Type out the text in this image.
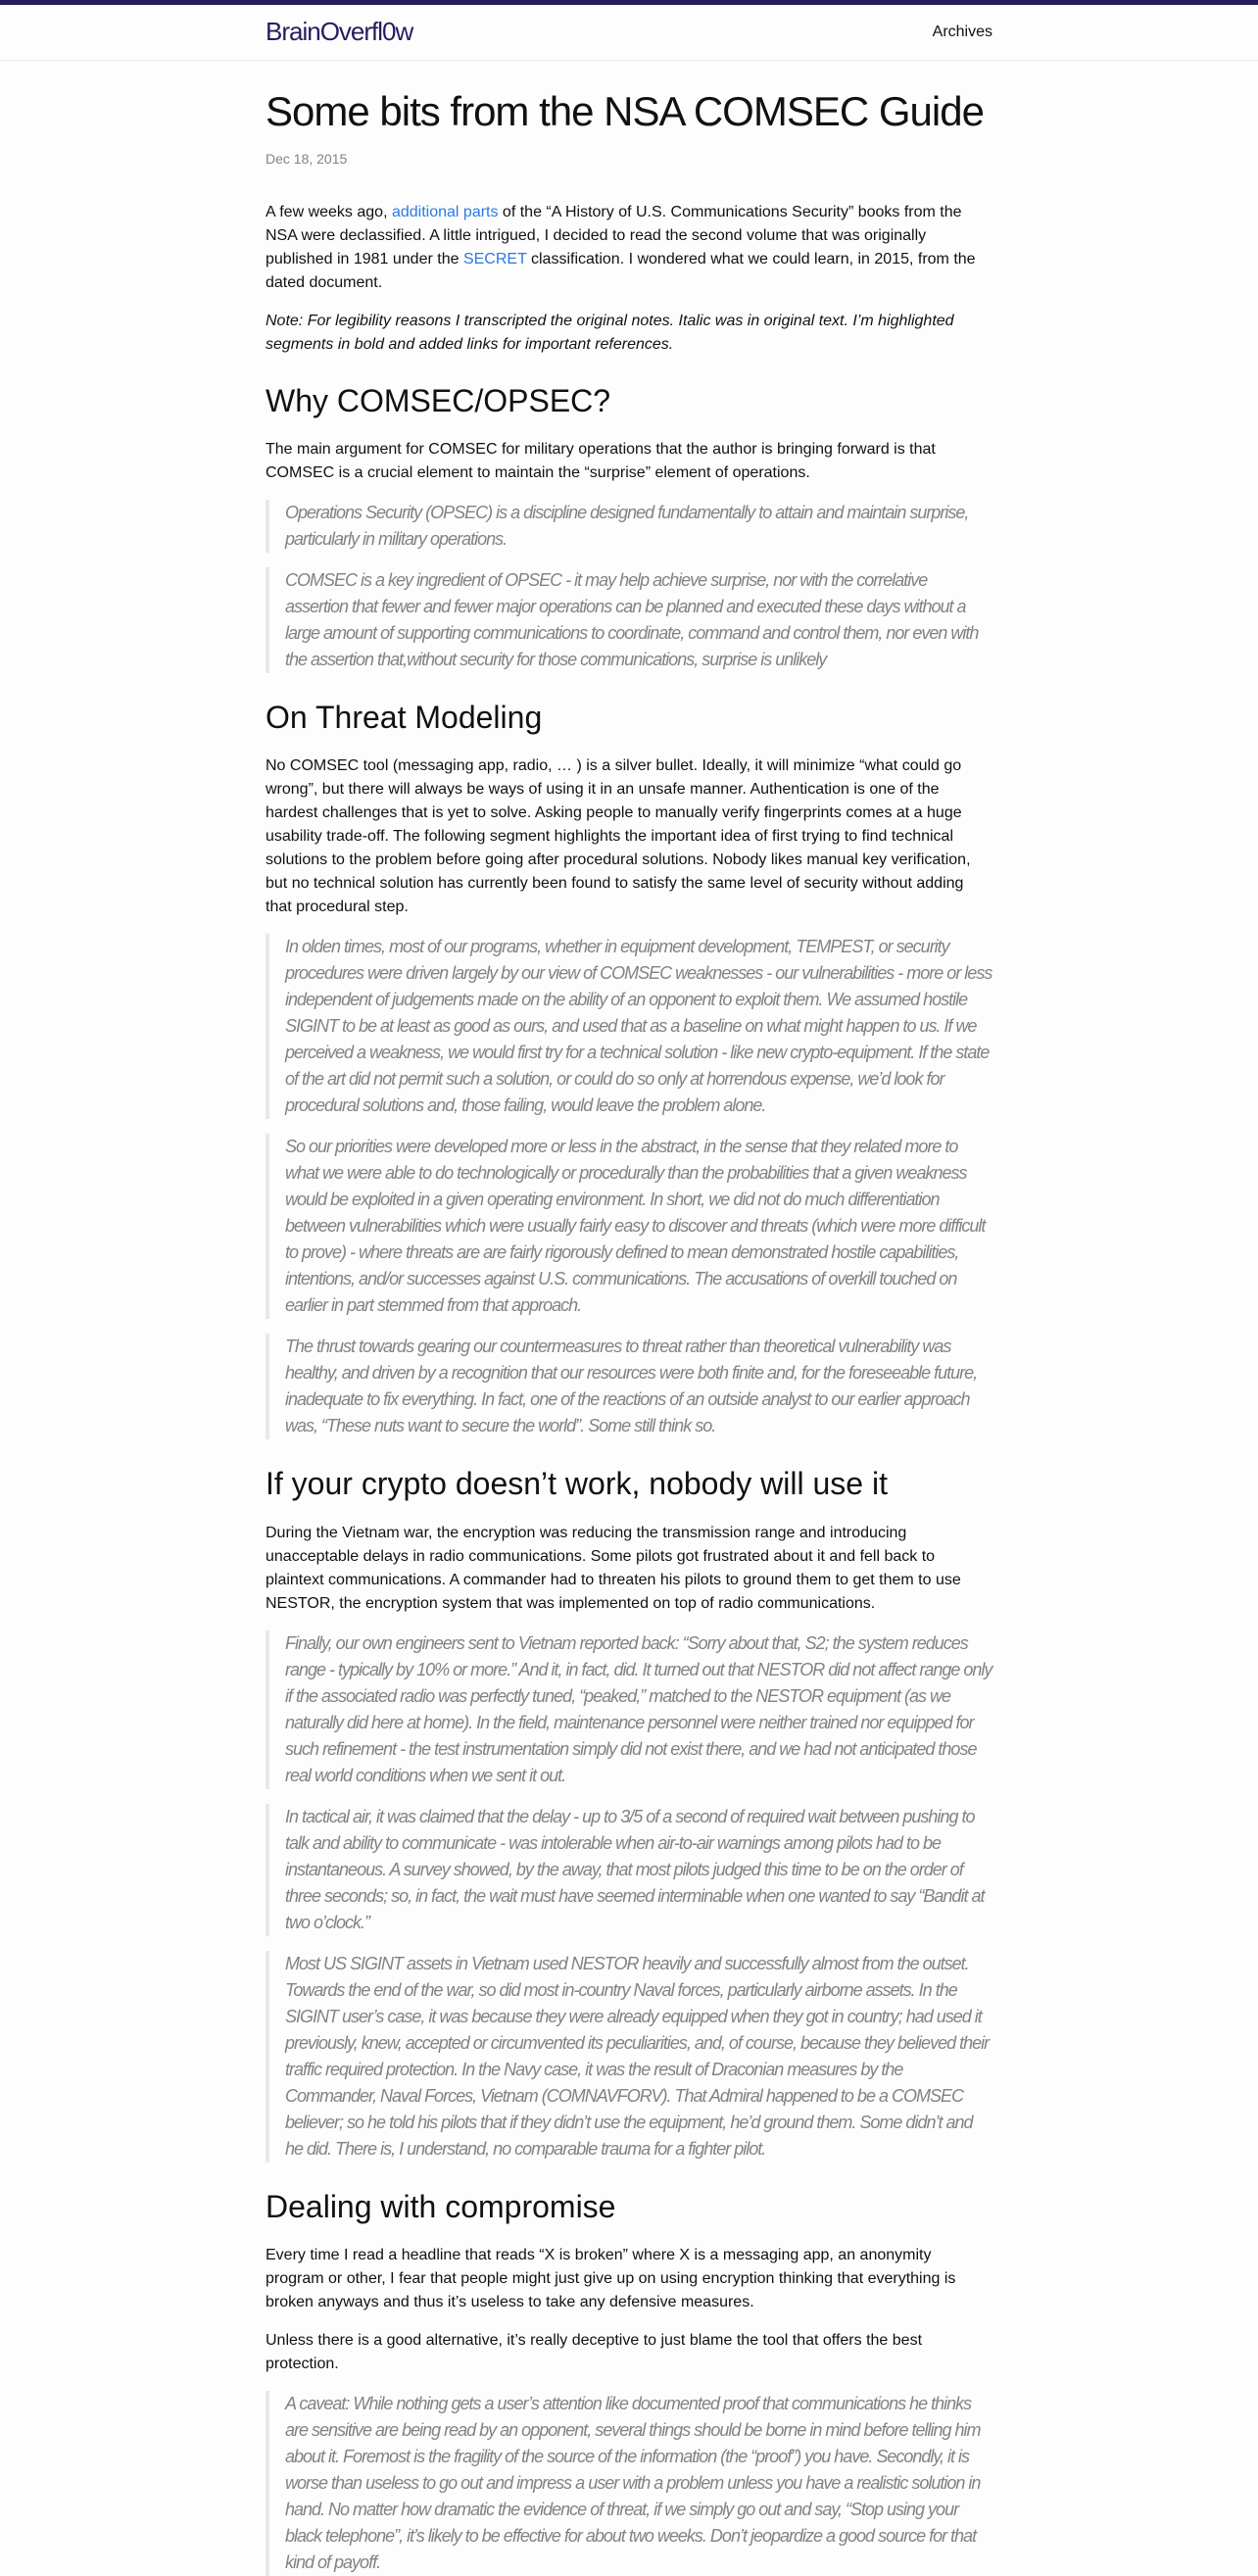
BrainOverfl0w	Archives
Some bits from the NSA COMSEC Guide

Dec 18, 2015

A few weeks ago, additional parts of the “A History of U.S. Communications Security” books from the NSA were declassified. A little intrigued, I decided to read the second volume that was originally published in 1981 under the SECRET classification. I wondered what we could learn, in 2015, from the dated document.

Note: For legibility reasons I transcripted the original notes. Italic was in original text. I’m highlighted segments in bold and added links for important references.

Why COMSEC/OPSEC?

The main argument for COMSEC for military operations that the author is bringing forward is that COMSEC is a crucial element to maintain the “surprise” element of operations.

Operations Security (OPSEC) is a discipline designed fundamentally to attain and maintain surprise, particularly in military operations.
COMSEC is a key ingredient of OPSEC - it may help achieve surprise, nor with the correlative assertion that fewer and fewer major operations can be planned and executed these days without a large amount of supporting communications to coordinate, command and control them, nor even with the assertion that,without security for those communications, surprise is unlikely
On Threat Modeling

No COMSEC tool (messaging app, radio, … ) is a silver bullet. Ideally, it will minimize “what could go wrong”, but there will always be ways of using it in an unsafe manner. Authentication is one of the hardest challenges that is yet to solve. Asking people to manually verify fingerprints comes at a huge usability trade-off. The following segment highlights the important idea of first trying to find technical solutions to the problem before going after procedural solutions. Nobody likes manual key verification, but no technical solution has currently been found to satisfy the same level of security without adding that procedural step.

In olden times, most of our programs, whether in equipment development, TEMPEST, or security procedures were driven largely by our view of COMSEC weaknesses - our vulnerabilities - more or less independent of judgements made on the ability of an opponent to exploit them. We assumed hostile SIGINT to be at least as good as ours, and used that as a baseline on what might happen to us. If we perceived a weakness, we would first try for a technical solution - like new crypto-equipment. If the state of the art did not permit such a solution, or could do so only at horrendous expense, we’d look for procedural solutions and, those failing, would leave the problem alone.
So our priorities were developed more or less in the abstract, in the sense that they related more to what we were able to do technologically or procedurally than the probabilities that a given weakness would be exploited in a given operating environment. In short, we did not do much differentiation between vulnerabilities which were usually fairly easy to discover and threats (which were more difficult to prove) - where threats are are fairly rigorously defined to mean demonstrated hostile capabilities, intentions, and/or successes against U.S. communications. The accusations of overkill touched on earlier in part stemmed from that approach.
The thrust towards gearing our countermeasures to threat rather than theoretical vulnerability was healthy, and driven by a recognition that our resources were both finite and, for the foreseeable future, inadequate to fix everything. In fact, one of the reactions of an outside analyst to our earlier approach was, “These nuts want to secure the world”. Some still think so.
If your crypto doesn’t work, nobody will use it

During the Vietnam war, the encryption was reducing the transmission range and introducing unacceptable delays in radio communications. Some pilots got frustrated about it and fell back to plaintext communications. A commander had to threaten his pilots to ground them to get them to use NESTOR, the encryption system that was implemented on top of radio communications.

Finally, our own engineers sent to Vietnam reported back: “Sorry about that, S2; the system reduces range - typically by 10% or more.” And it, in fact, did. It turned out that NESTOR did not affect range only if the associated radio was perfectly tuned, “peaked,” matched to the NESTOR equipment (as we naturally did here at home). In the field, maintenance personnel were neither trained nor equipped for such refinement - the test instrumentation simply did not exist there, and we had not anticipated those real world conditions when we sent it out.
In tactical air, it was claimed that the delay - up to 3/5 of a second of required wait between pushing to talk and ability to communicate - was intolerable when air-to-air warnings among pilots had to be instantaneous. A survey showed, by the away, that most pilots judged this time to be on the order of three seconds; so, in fact, the wait must have seemed interminable when one wanted to say “Bandit at two o’clock.”
Most US SIGINT assets in Vietnam used NESTOR heavily and successfully almost from the outset. Towards the end of the war, so did most in-country Naval forces, particularly airborne assets. In the SIGINT user’s case, it was because they were already equipped when they got in country; had used it previously, knew, accepted or circumvented its peculiarities, and, of course, because they believed their traffic required protection. In the Navy case, it was the result of Draconian measures by the Commander, Naval Forces, Vietnam (COMNAVFORV). That Admiral happened to be a COMSEC believer; so he told his pilots that if they didn’t use the equipment, he’d ground them. Some didn’t and he did. There is, I understand, no comparable trauma for a fighter pilot.
Dealing with compromise

Every time I read a headline that reads “X is broken” where X is a messaging app, an anonymity program or other, I fear that people might just give up on using encryption thinking that everything is broken anyways and thus it’s useless to take any defensive measures.

Unless there is a good alternative, it’s really deceptive to just blame the tool that offers the best protection.

A caveat: While nothing gets a user’s attention like documented proof that communications he thinks are sensitive are being read by an opponent, several things should be borne in mind before telling him about it. Foremost is the fragility of the source of the information (the “proof”) you have. Secondly, it is worse than useless to go out and impress a user with a problem unless you have a realistic solution in hand. No matter how dramatic the evidence of threat, if we simply go out and say, “Stop using your black telephone”, it’s likely to be effective for about two weeks. Don’t jeopardize a good source for that kind of payoff.
